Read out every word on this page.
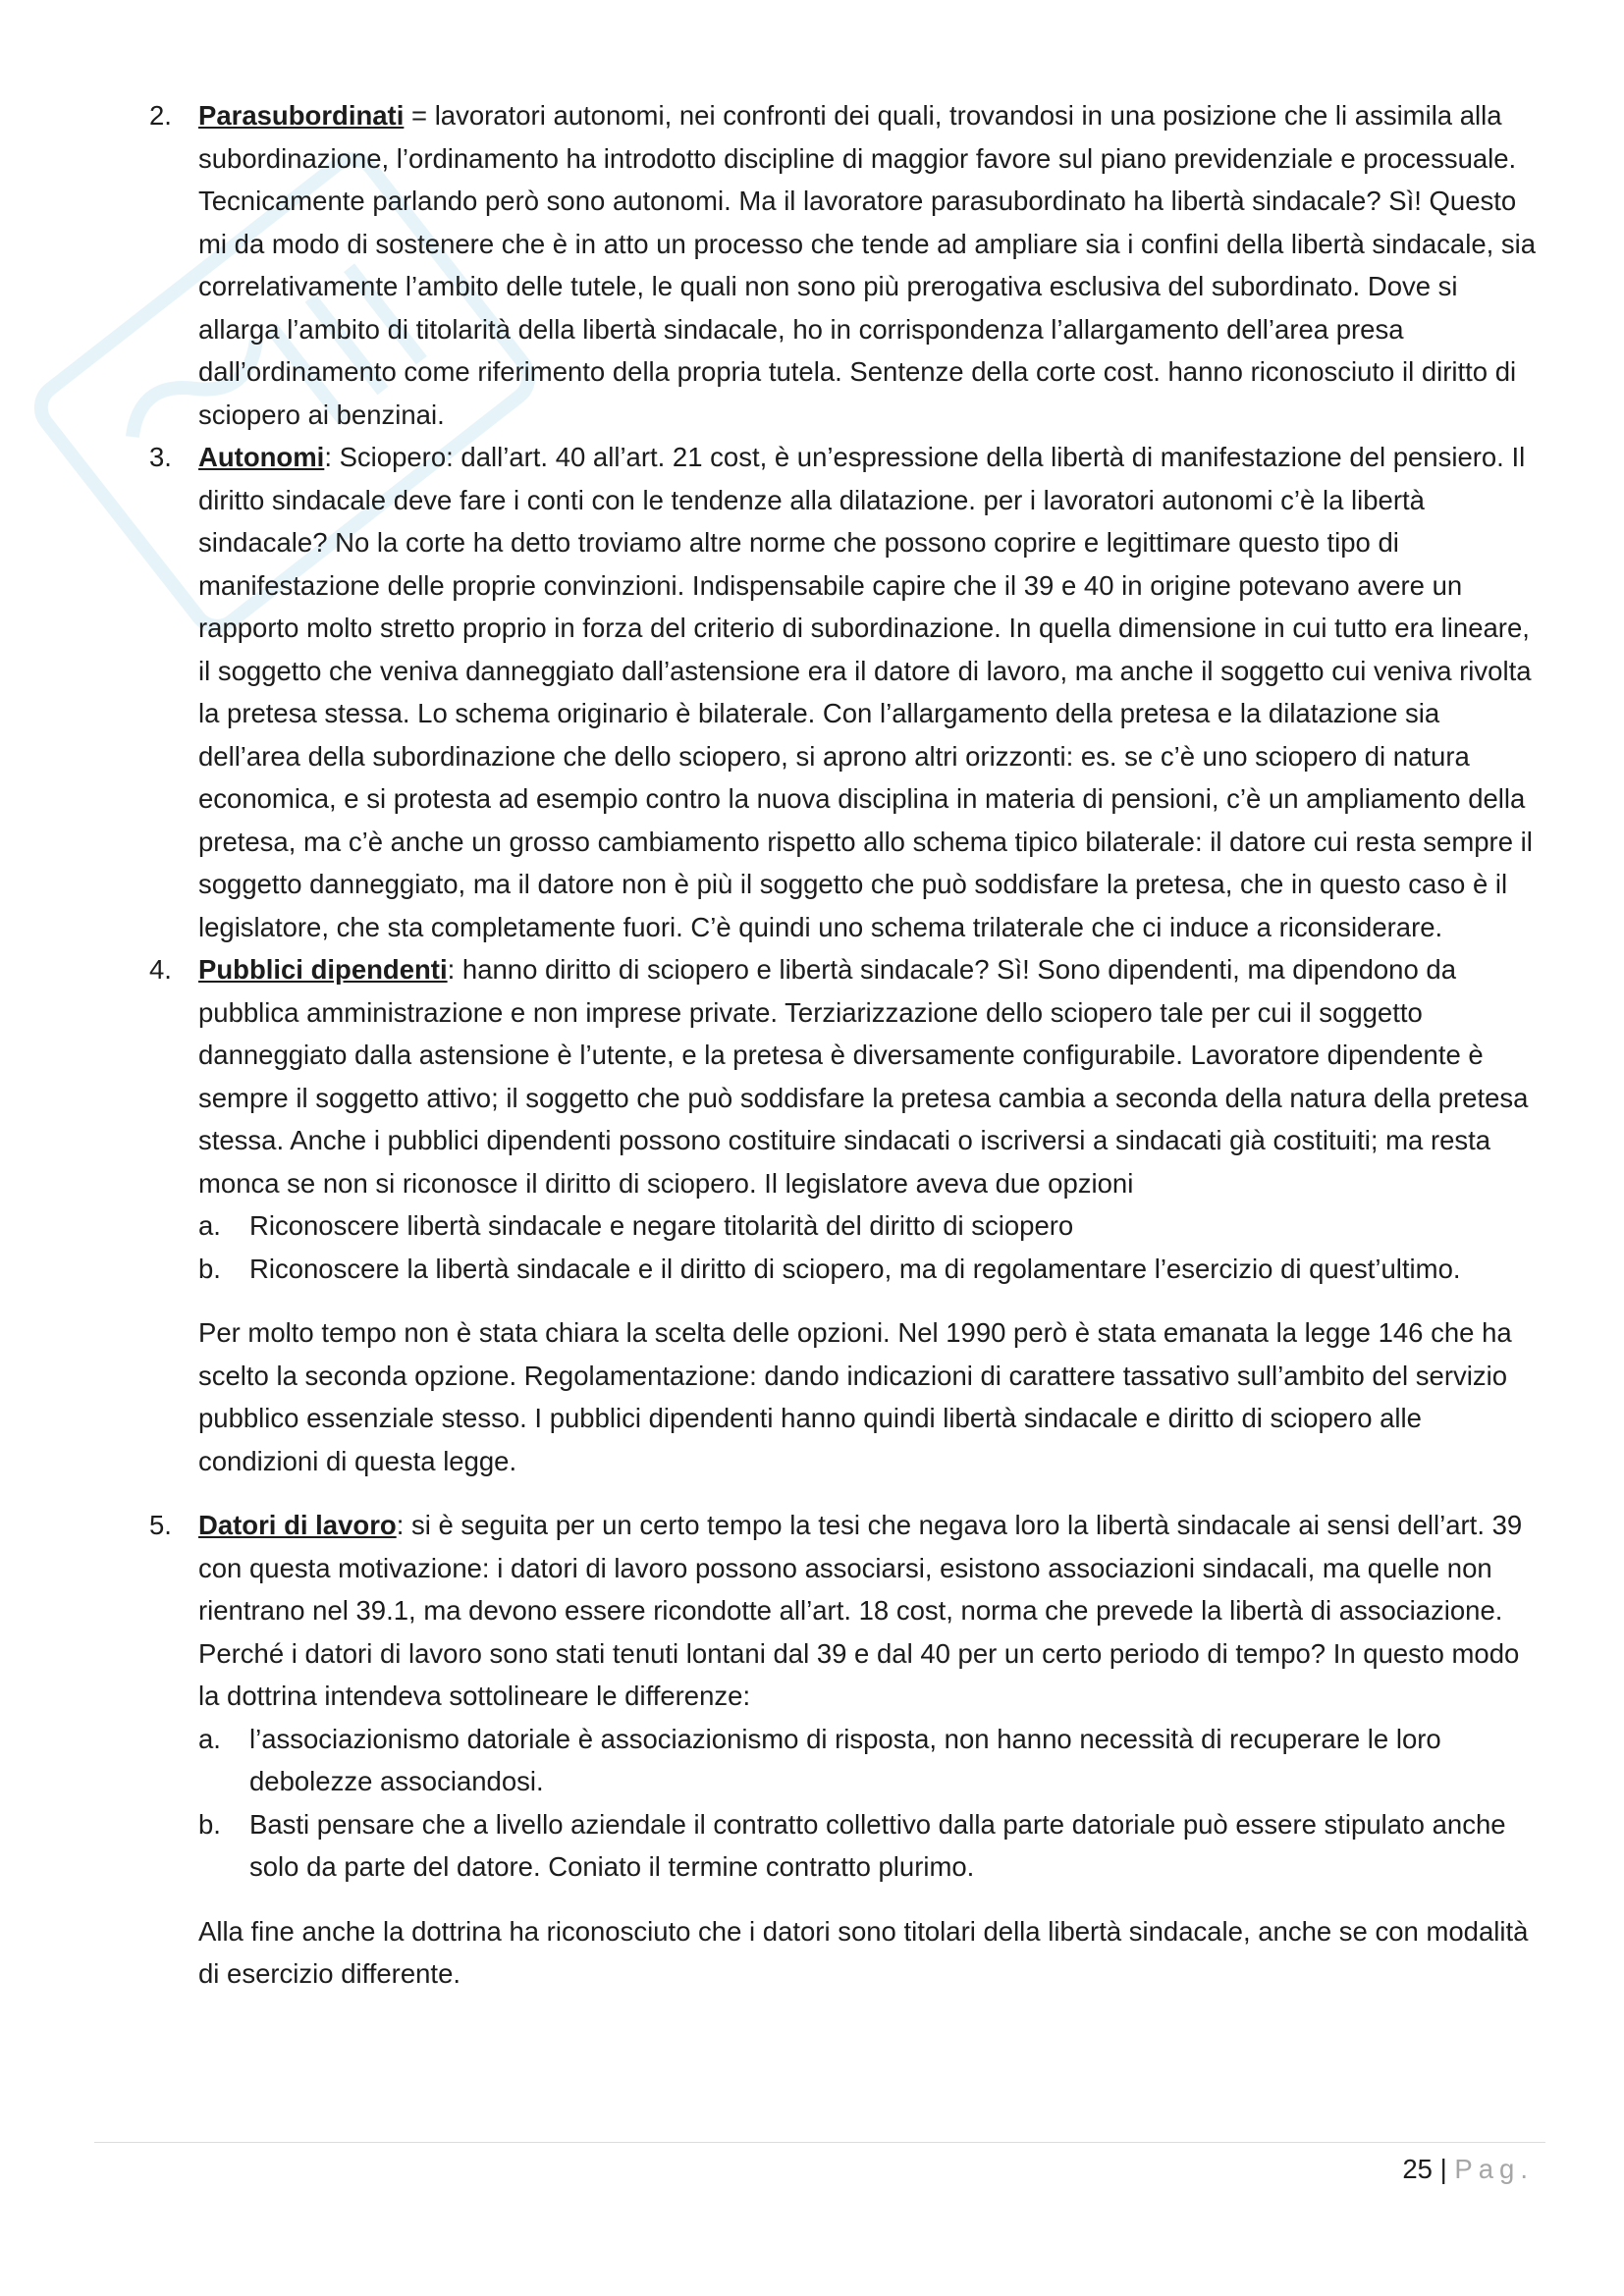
2. Parasubordinati = lavoratori autonomi, nei confronti dei quali, trovandosi in una posizione che li assimila alla subordinazione, l’ordinamento ha introdotto discipline di maggior favore sul piano previdenziale e processuale. Tecnicamente parlando però sono autonomi. Ma il lavoratore parasubordinato ha libertà sindacale? Sì! Questo mi da modo di sostenere che è in atto un processo che tende ad ampliare sia i confini della libertà sindacale, sia correlativamente l’ambito delle tutele, le quali non sono più prerogativa esclusiva del subordinato. Dove si allarga l’ambito di titolarità della libertà sindacale, ho in corrispondenza l’allargamento dell’area presa dall’ordinamento come riferimento della propria tutela. Sentenze della corte cost. hanno riconosciuto il diritto di sciopero ai benzinai.

3. Autonomi: Sciopero: dall’art. 40 all’art. 21 cost, è un’espressione della libertà di manifestazione del pensiero. Il diritto sindacale deve fare i conti con le tendenze alla dilatazione. per i lavoratori autonomi c’è la libertà sindacale? No la corte ha detto troviamo altre norme che possono coprire e legittimare questo tipo di manifestazione delle proprie convinzioni. Indispensabile capire che il 39 e 40 in origine potevano avere un rapporto molto stretto proprio in forza del criterio di subordinazione. In quella dimensione in cui tutto era lineare, il soggetto che veniva danneggiato dall’astensione era il datore di lavoro, ma anche il soggetto cui veniva rivolta la pretesa stessa. Lo schema originario è bilaterale. Con l’allargamento della pretesa e la dilatazione sia dell’area della subordinazione che dello sciopero, si aprono altri orizzonti: es. se c’è uno sciopero di natura economica, e si protesta ad esempio contro la nuova disciplina in materia di pensioni, c’è un ampliamento della pretesa, ma c’è anche un grosso cambiamento rispetto allo schema tipico bilaterale: il datore cui resta sempre il soggetto danneggiato, ma il datore non è più il soggetto che può soddisfare la pretesa, che in questo caso è il legislatore, che sta completamente fuori. C’è quindi uno schema trilaterale che ci induce a riconsiderare.

4. Pubblici dipendenti: hanno diritto di sciopero e libertà sindacale? Sì! Sono dipendenti, ma dipendono da pubblica amministrazione e non imprese private. Terziarizzazione dello sciopero tale per cui il soggetto danneggiato dalla astensione è l’utente, e la pretesa è diversamente configurabile. Lavoratore dipendente è sempre il soggetto attivo; il soggetto che può soddisfare la pretesa cambia a seconda della natura della pretesa stessa. Anche i pubblici dipendenti possono costituire sindacati o iscriversi a sindacati già costituiti; ma resta monca se non si riconosce il diritto di sciopero. Il legislatore aveva due opzioni

a. Riconoscere libertà sindacale e negare titolarità del diritto di sciopero
b. Riconoscere la libertà sindacale e il diritto di sciopero, ma di regolamentare l’esercizio di quest’ultimo.

Per molto tempo non è stata chiara la scelta delle opzioni. Nel 1990 però è stata emanata la legge 146 che ha scelto la seconda opzione. Regolamentazione: dando indicazioni di carattere tassativo sull’ambito del servizio pubblico essenziale stesso. I pubblici dipendenti hanno quindi libertà sindacale e diritto di sciopero alle condizioni di questa legge.

5. Datori di lavoro: si è seguita per un certo tempo la tesi che negava loro la libertà sindacale ai sensi dell’art. 39 con questa motivazione: i datori di lavoro possono associarsi, esistono associazioni sindacali, ma quelle non rientrano nel 39.1, ma devono essere ricondotte all’art. 18 cost, norma che prevede la libertà di associazione. Perché i datori di lavoro sono stati tenuti lontani dal 39 e dal 40 per un certo periodo di tempo? In questo modo la dottrina intendeva sottolineare le differenze:

a. l’associazionismo datoriale è associazionismo di risposta, non hanno necessità di recuperare le loro debolezze associandosi.
b. Basti pensare che a livello aziendale il contratto collettivo dalla parte datoriale può essere stipulato anche solo da parte del datore. Coniato il termine contratto plurimo.

Alla fine anche la dottrina ha riconosciuto che i datori sono titolari della libertà sindacale, anche se con modalità di esercizio differente.

25 | Pag.
